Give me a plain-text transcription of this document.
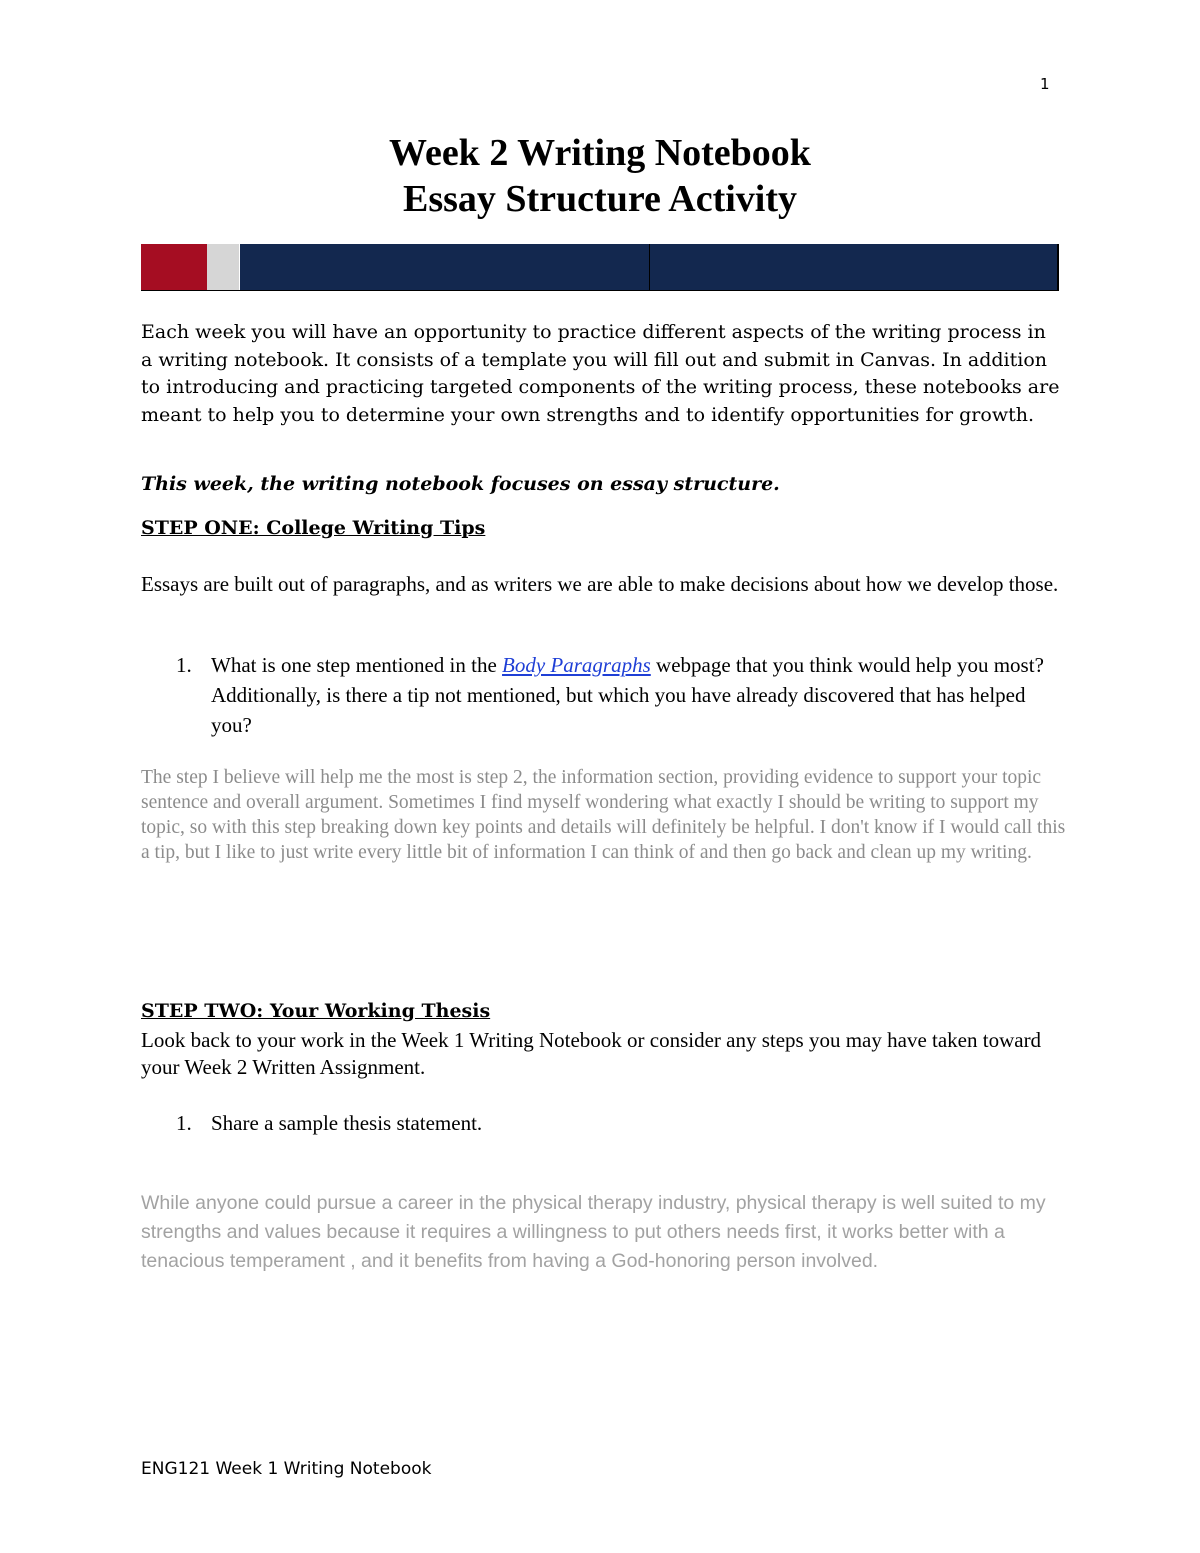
1
Week 2 Writing Notebook
Essay Structure Activity

Each week you will have an opportunity to practice different aspects of the writing process in a writing notebook. It consists of a template you will fill out and submit in Canvas. In addition to introducing and practicing targeted components of the writing process, these notebooks are meant to help you to determine your own strengths and to identify opportunities for growth.

This week, the writing notebook focuses on essay structure.

STEP ONE: College Writing Tips

Essays are built out of paragraphs, and as writers we are able to make decisions about how we develop those.

1. What is one step mentioned in the Body Paragraphs webpage that you think would help you most? Additionally, is there a tip not mentioned, but which you have already discovered that has helped you?

The step I believe will help me the most is step 2, the information section, providing evidence to support your topic sentence and overall argument. Sometimes I find myself wondering what exactly I should be writing to support my topic, so with this step breaking down key points and details will definitely be helpful. I don't know if I would call this a tip, but I like to just write every little bit of information I can think of and then go back and clean up my writing.

STEP TWO: Your Working Thesis

Look back to your work in the Week 1 Writing Notebook or consider any steps you may have taken toward your Week 2 Written Assignment.

1. Share a sample thesis statement.

While anyone could pursue a career in the physical therapy industry, physical therapy is well suited to my strengths and values because it requires a willingness to put others needs first, it works better with a tenacious temperament , and it benefits from having a God-honoring person involved.

ENG121 Week 1 Writing Notebook
